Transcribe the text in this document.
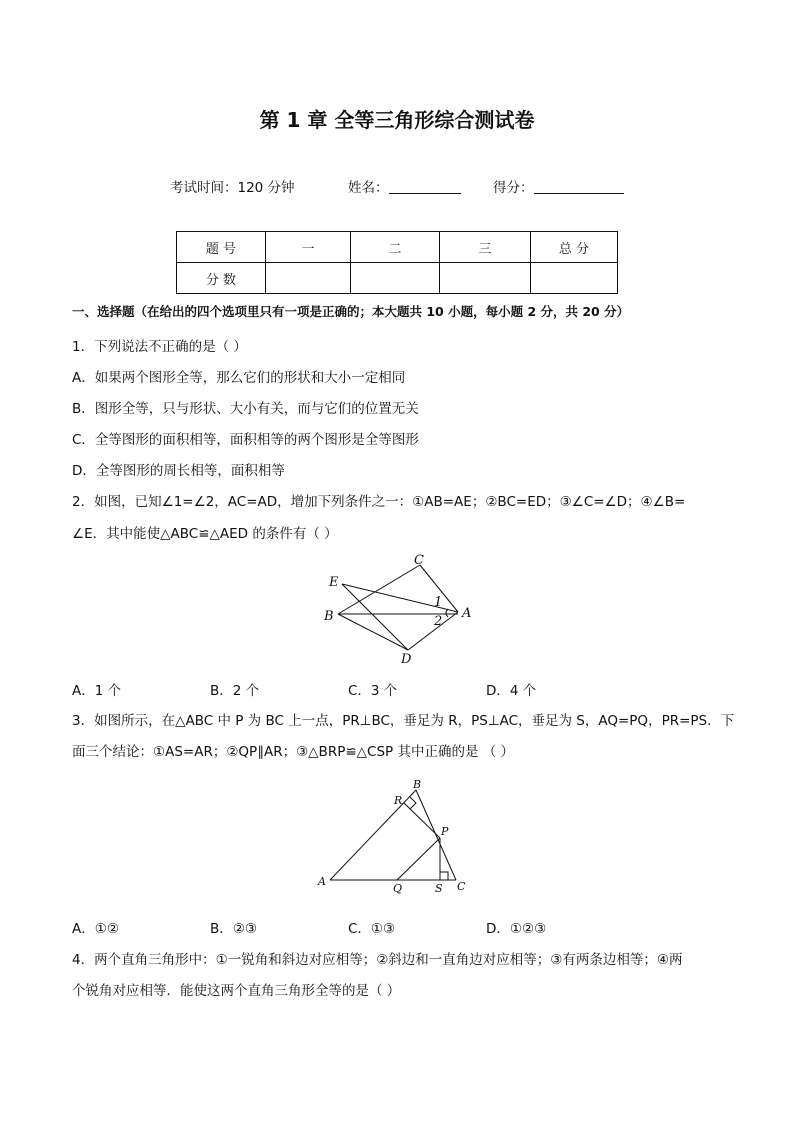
第 1 章 全等三角形综合测试卷
考试时间：120 分钟	姓名：	得分：
题 号	一	二	三	总 分
分 数				
一、选择题（在给出的四个选项里只有一项是正确的；本大题共 10 小题，每小题 2 分，共 20 分）
1．下列说法不正确的是（ ）
A．如果两个图形全等，那么它们的形状和大小一定相同
B．图形全等，只与形状、大小有关，而与它们的位置无关
C．全等图形的面积相等，面积相等的两个图形是全等图形
D．全等图形的周长相等，面积相等
2．如图，已知∠1=∠2，AC=AD，增加下列条件之一：①AB=AE；②BC=ED；③∠C=∠D；④∠B=
∠E．其中能使△ABC≌△AED 的条件有（ ）
C
E
B	A
D
1
2
A．1 个	B．2 个	C．3 个	D．4 个
3．如图所示，在△ABC 中 P 为 BC 上一点，PR⊥BC，垂足为 R，PS⊥AC，垂足为 S，AQ=PQ，PR=PS．下
面三个结论：①AS=AR；②QP∥AR；③△BRP≌△CSP 其中正确的是 （ ）
B
R
P
A
Q	S C
A．①②	B．②③	C．①③	D．①②③
4．两个直角三角形中：①一锐角和斜边对应相等；②斜边和一直角边对应相等；③有两条边相等；④两
个锐角对应相等．能使这两个直角三角形全等的是（ ）
